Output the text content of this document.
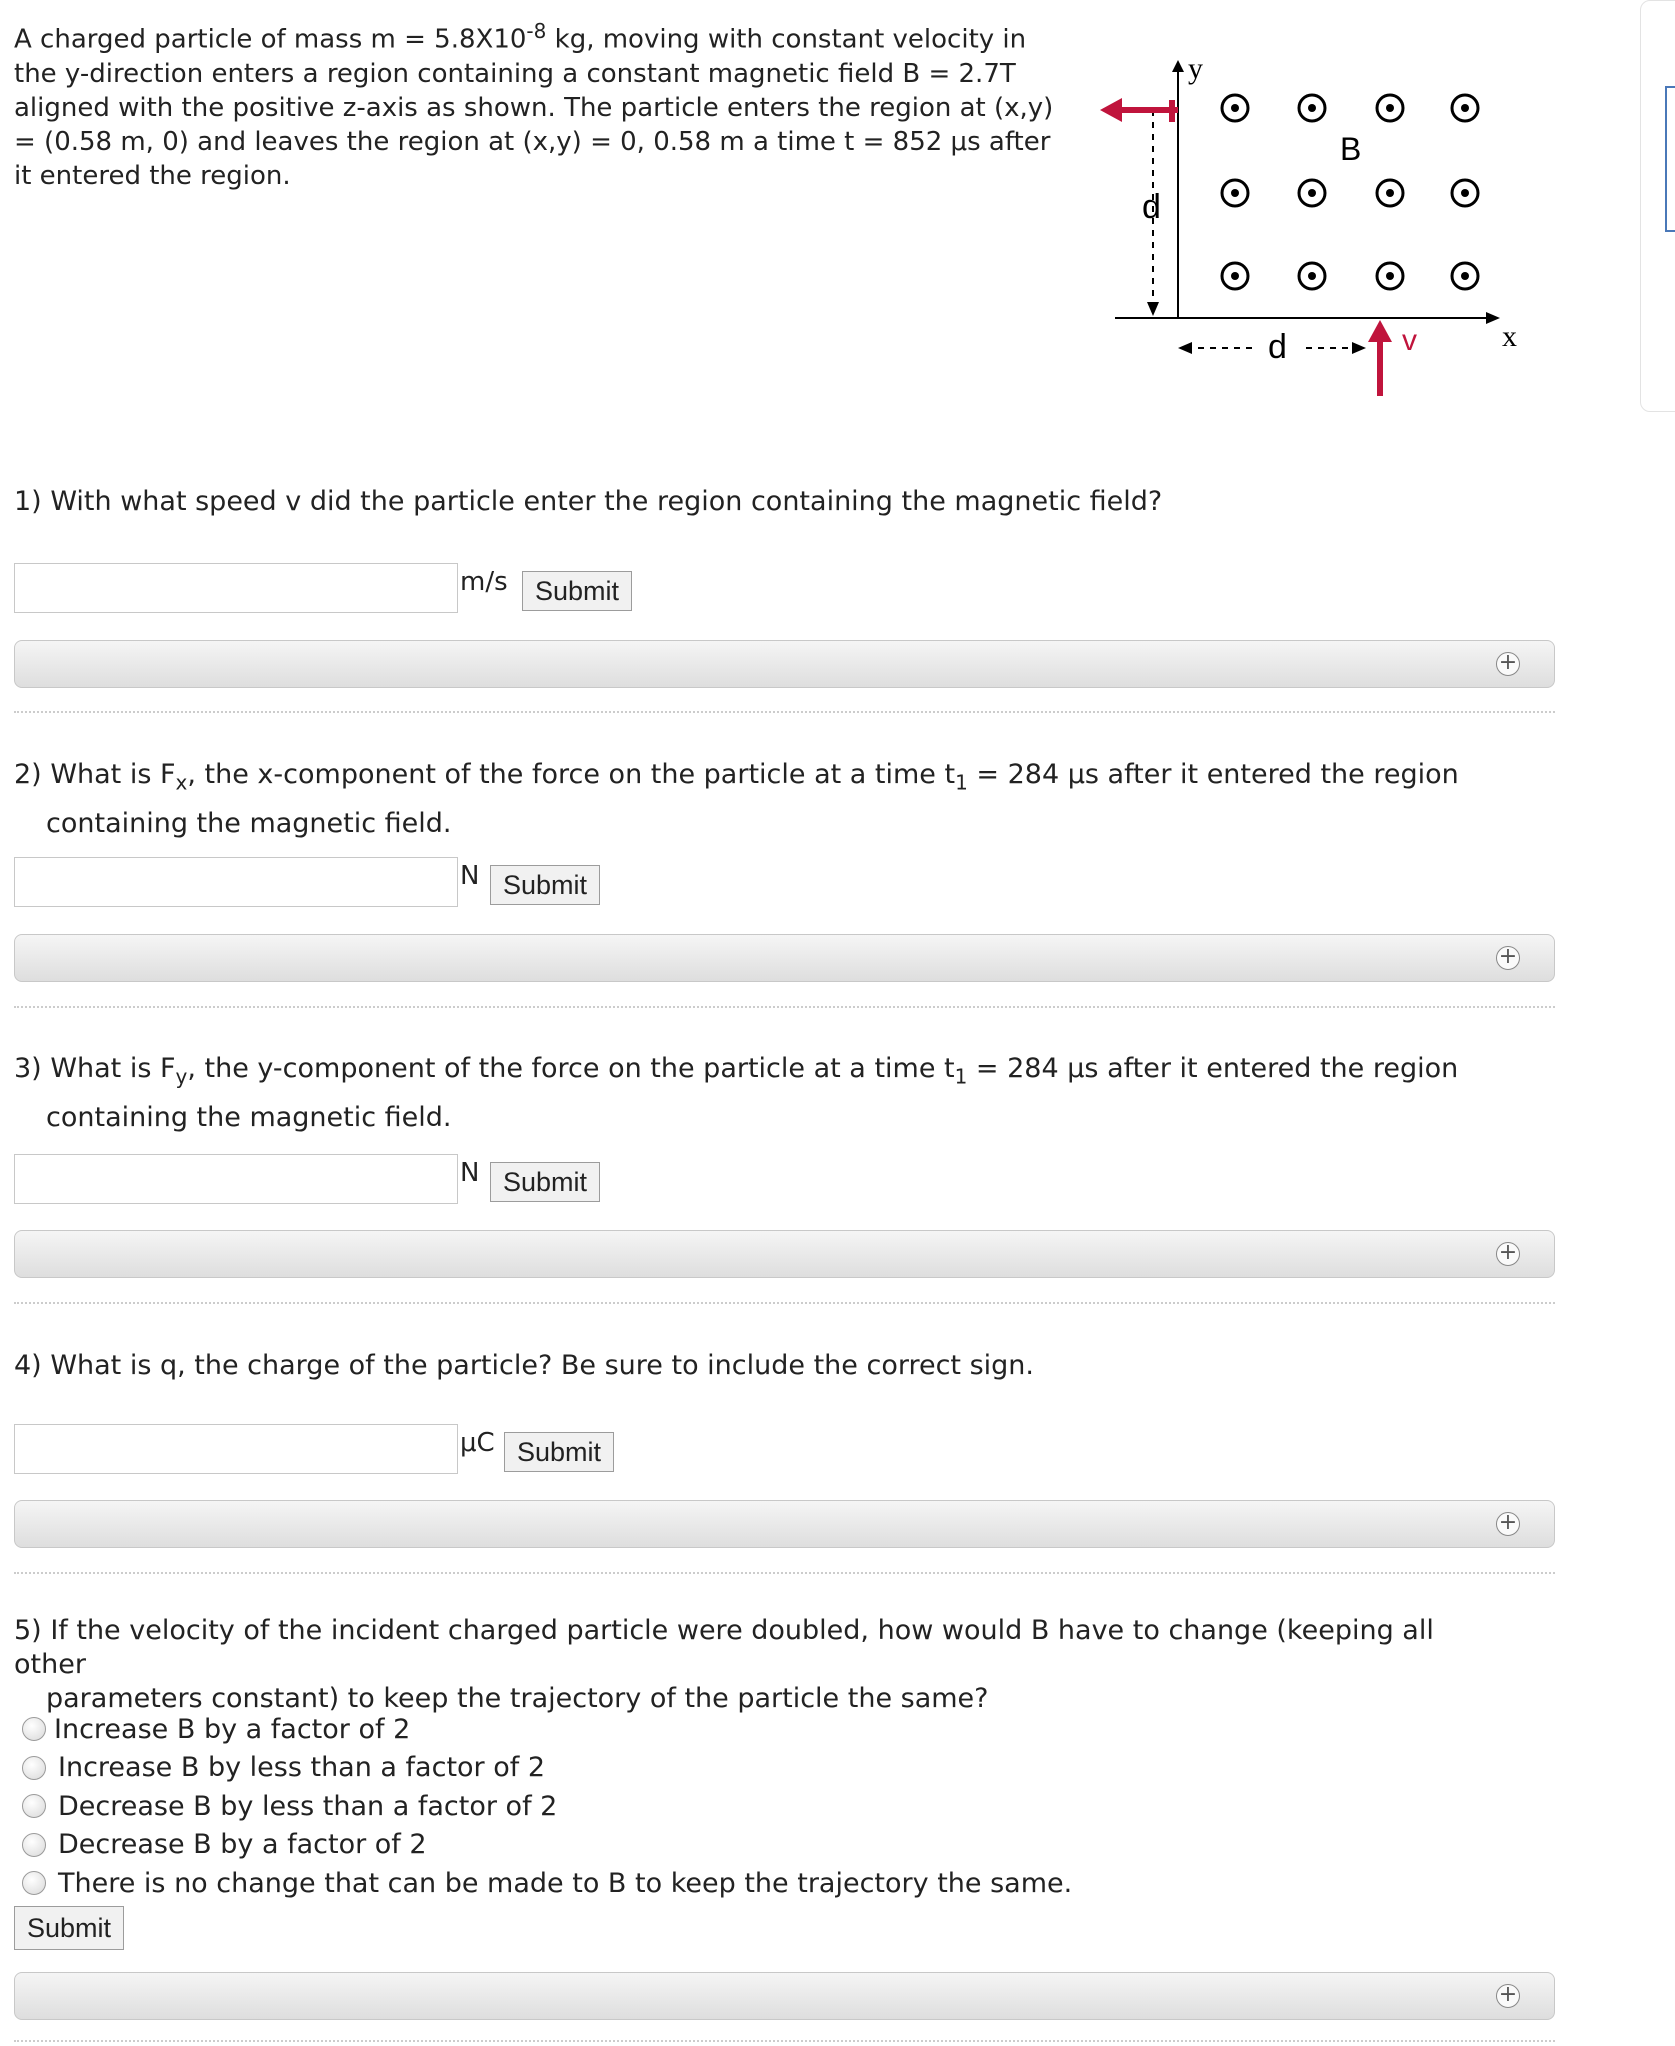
A charged particle of mass $m = 5.8X10^{-8}$ kg, moving with constant velocity in the y-direction enters a region containing a constant magnetic field B = 2.7T aligned with the positive z-axis as shown. The particle enters the region at (x,y) = (0.58 m, 0) and leaves the region at (x,y) = 0, 0.58 m a time t = 852 μs after it entered the region.

y
x
B
d
d	v
1) With what speed v did the particle enter the region containing the magnetic field?
m/s	Submit
+
2) What is $F_x$, the x-component of the force on the particle at a time $t_1 = 284$ μs after it entered the region
containing the magnetic field.
N Submit
+
3) What is $F_y$, the y-component of the force on the particle at a time $t_1 = 284$ μs after it entered the region
containing the magnetic field.
N Submit
+
4) What is q, the charge of the particle? Be sure to include the correct sign.
μC Submit
+
5) If the velocity of the incident charged particle were doubled, how would B have to change (keeping all other
parameters constant) to keep the trajectory of the particle the same?
Increase B by a factor of 2
Increase B by less than a factor of 2
Decrease B by less than a factor of 2
Decrease B by a factor of 2
There is no change that can be made to B to keep the trajectory the same.
Submit
+
